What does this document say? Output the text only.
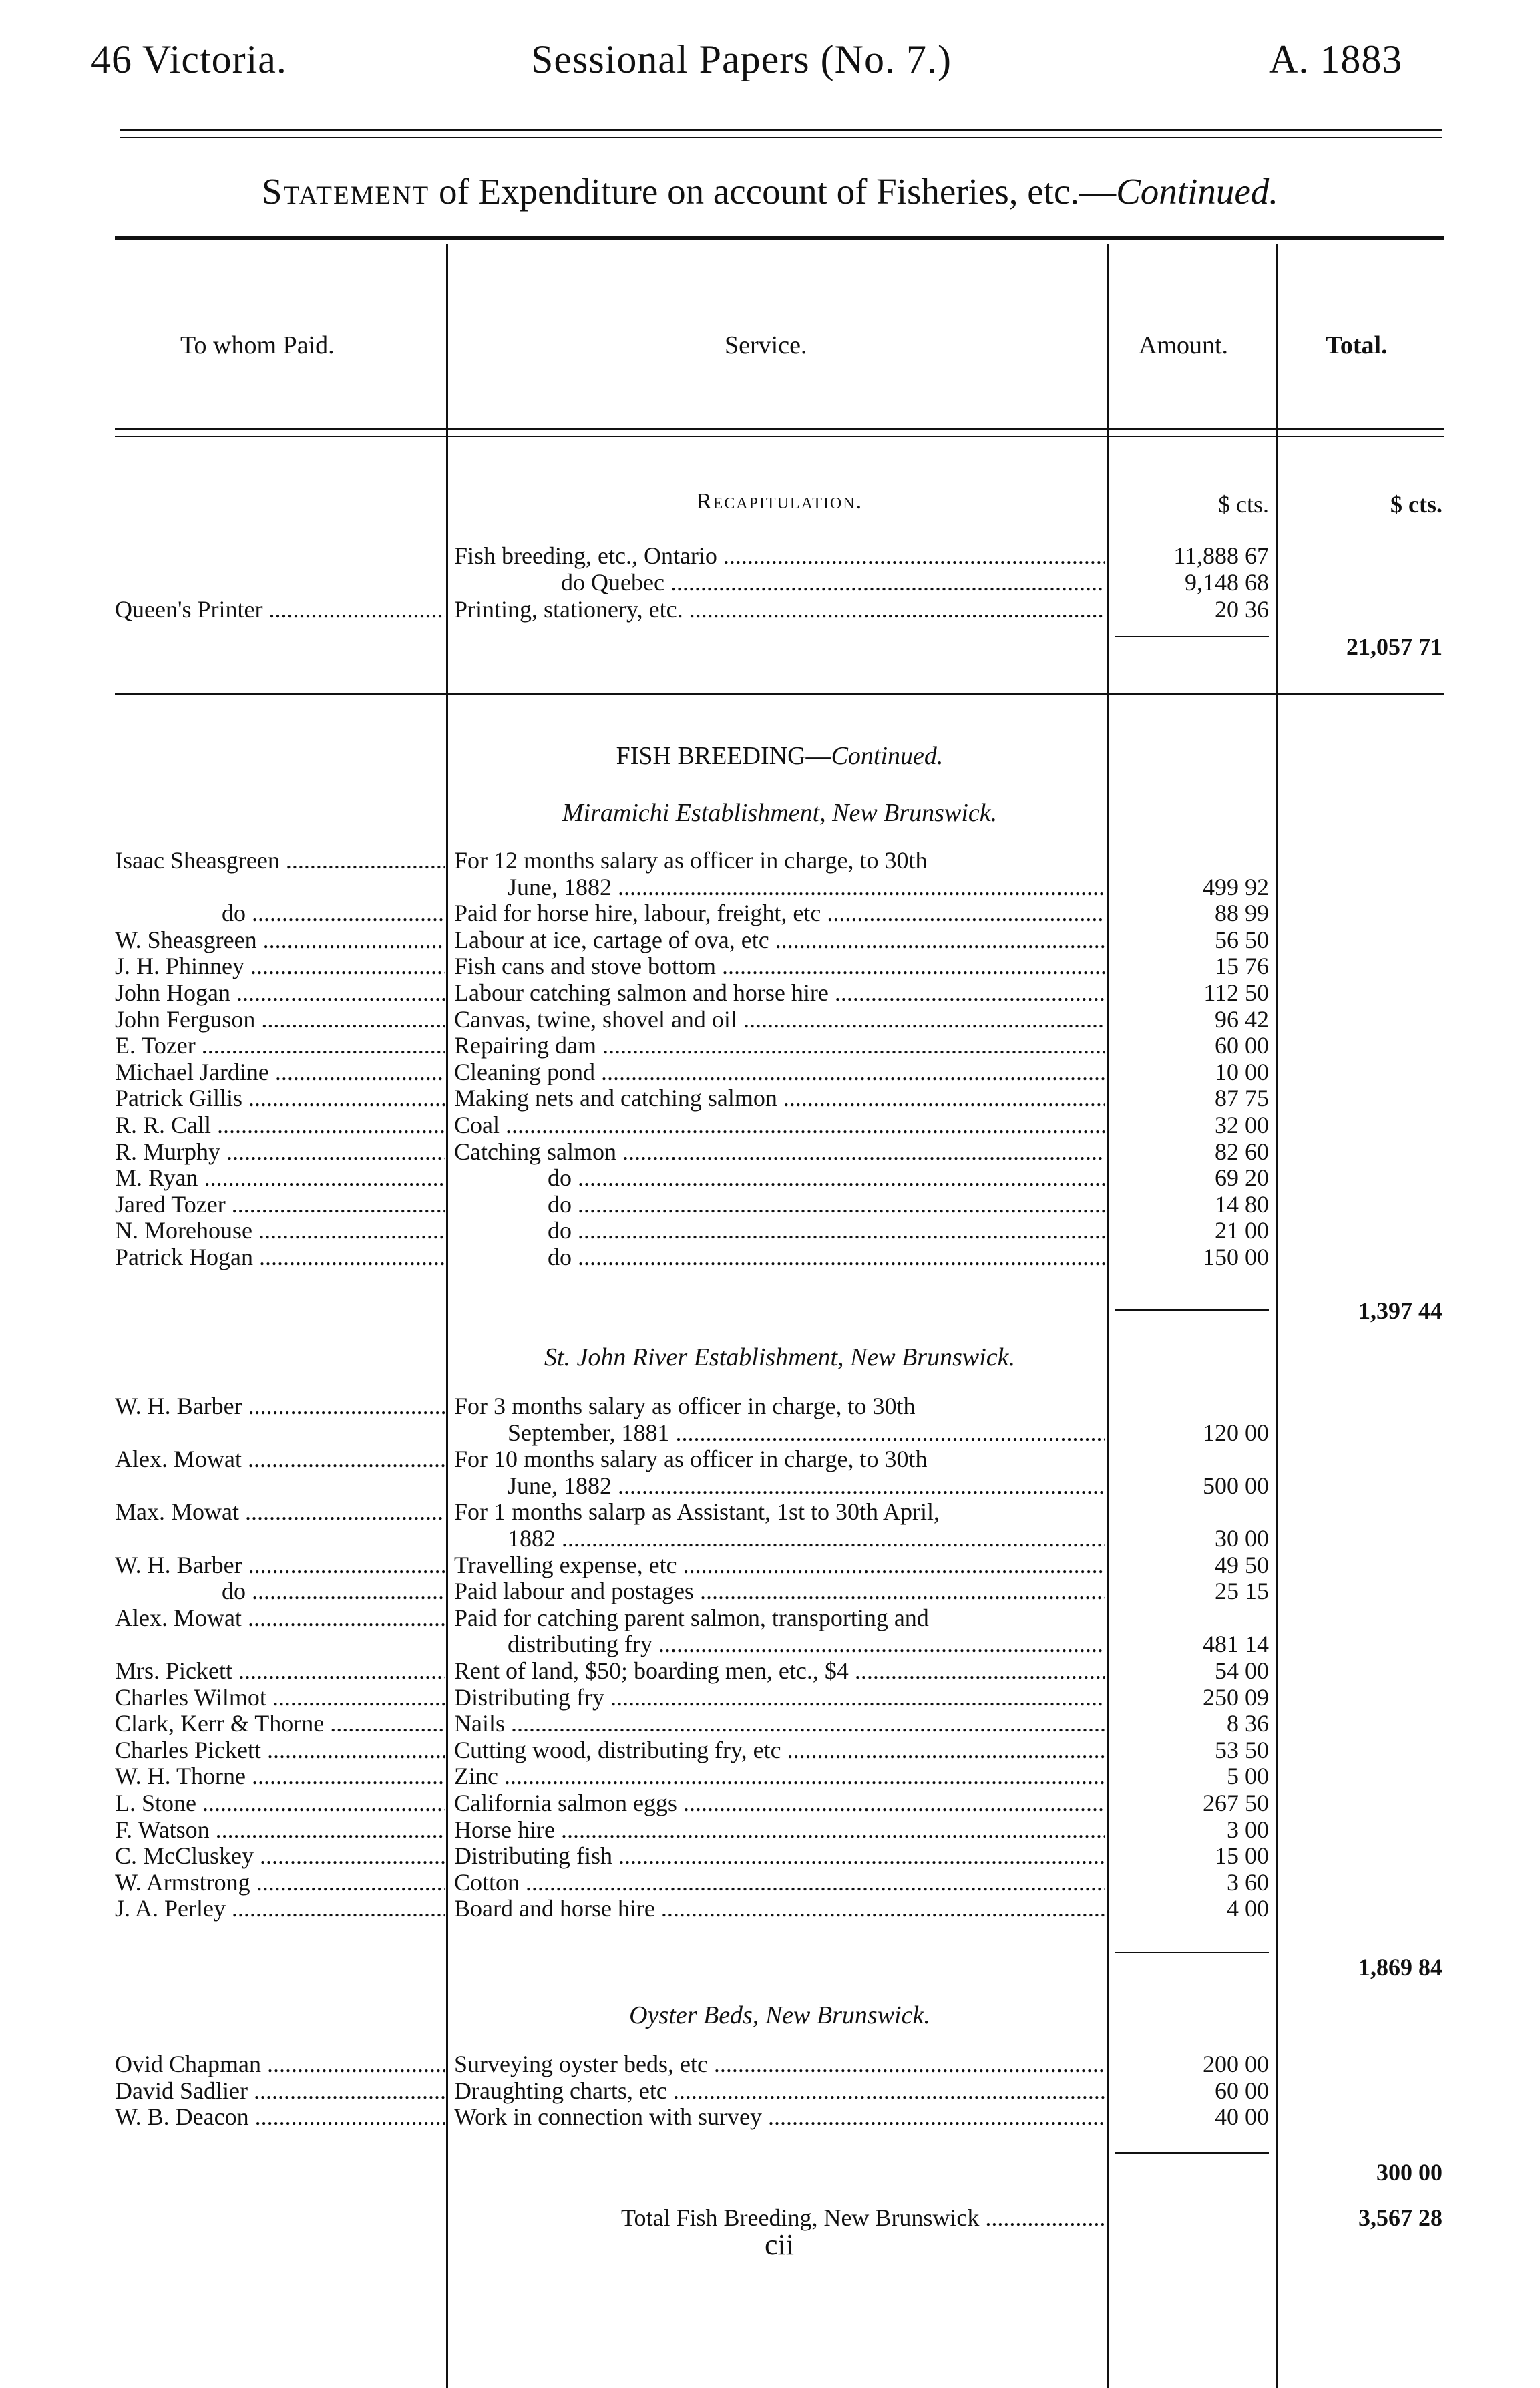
46 Victoria.	Sessional Papers (No. 7.)	A. 1883
Statement of Expenditure on account of Fisheries, etc.—Continued.
To whom Paid.	Service.	Amount.	Total.
Recapitulation.	$ cts.	$ cts.
Fish breeding, etc., Ontario .....	11,888 67
do Quebec .....	9,148 68
Queen's Printer .....	Printing, stationery, etc. .....	20 36
21,057 71
FISH BREEDING—Continued.
Miramichi Establishment, New Brunswick.
Isaac Sheasgreen .....	For 12 months salary as officer in charge, to 30th
June, 1882 .....	499 92
do .....	Paid for horse hire, labour, freight, etc .....	88 99
W. Sheasgreen .....	Labour at ice, cartage of ova, etc .....	56 50
J. H. Phinney .....	Fish cans and stove bottom .....	15 76
John Hogan .....	Labour catching salmon and horse hire .....	112 50
John Ferguson .....	Canvas, twine, shovel and oil .....	96 42
E. Tozer .....	Repairing dam .....	60 00
Michael Jardine .....	Cleaning pond .....	10 00
Patrick Gillis .....	Making nets and catching salmon .....	87 75
R. R. Call .....	Coal .....	32 00
R. Murphy .....	Catching salmon .....	82 60
M. Ryan .....	do .....	69 20
Jared Tozer .....	do .....	14 80
N. Morehouse .....	do .....	21 00
Patrick Hogan .....	do .....	150 00
1,397 44
St. John River Establishment, New Brunswick.
W. H. Barber .....	For 3 months salary as officer in charge, to 30th
September, 1881 .....	120 00
Alex. Mowat .....	For 10 months salary as officer in charge, to 30th
June, 1882 .....	500 00
Max. Mowat .....	For 1 months salarp as Assistant, 1st to 30th April,
1882 .....	30 00
W. H. Barber .....	Travelling expense, etc .....	49 50
do .....	Paid labour and postages .....	25 15
Alex. Mowat .....	Paid for catching parent salmon, transporting and
distributing fry .....	481 14
Mrs. Pickett .....	Rent of land, $50; boarding men, etc., $4 .....	54 00
Charles Wilmot .....	Distributing fry .....	250 09
Clark, Kerr & Thorne .....	Nails .....	8 36
Charles Pickett .....	Cutting wood, distributing fry, etc .....	53 50
W. H. Thorne .....	Zinc .....	5 00
L. Stone .....	California salmon eggs .....	267 50
F. Watson .....	Horse hire .....	3 00
C. McCluskey .....	Distributing fish .....	15 00
W. Armstrong .....	Cotton .....	3 60
J. A. Perley .....	Board and horse hire .....	4 00
1,869 84
Oyster Beds, New Brunswick.
Ovid Chapman .....	Surveying oyster beds, etc .....	200 00
David Sadlier .....	Draughting charts, etc .....	60 00
W. B. Deacon .....	Work in connection with survey .....	40 00
300 00
Total Fish Breeding, New Brunswick .....	3,567 28
cii
